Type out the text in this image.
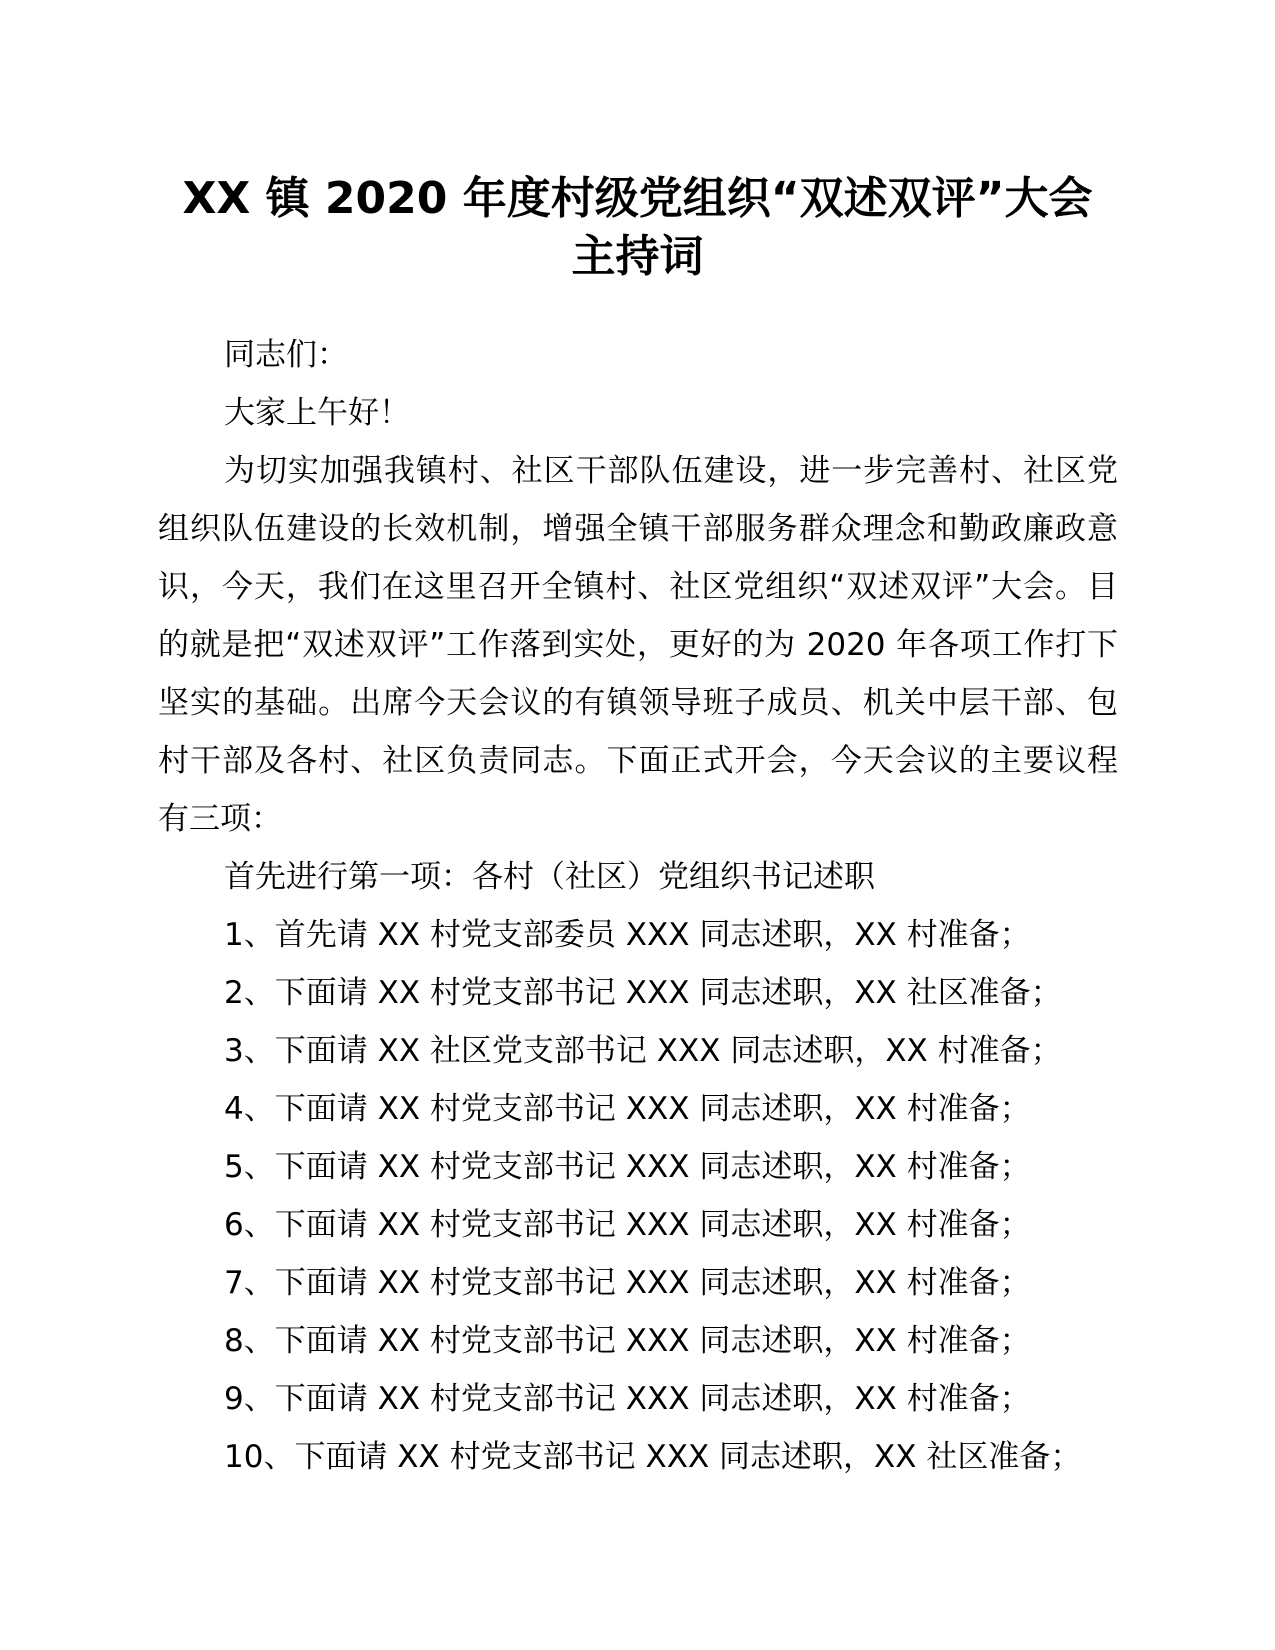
XX 镇 2020 年度村级党组织“双述双评”大会
主持词

同志们：

大家上午好！

为切实加强我镇村、社区干部队伍建设，进一步完善村、社区党组织队伍建设的长效机制，增强全镇干部服务群众理念和勤政廉政意识，今天，我们在这里召开全镇村、社区党组织“双述双评”大会。目的就是把“双述双评”工作落到实处，更好的为 2020 年各项工作打下坚实的基础。出席今天会议的有镇领导班子成员、机关中层干部、包村干部及各村、社区负责同志。下面正式开会，今天会议的主要议程有三项：

首先进行第一项：各村（社区）党组织书记述职

1、首先请 XX 村党支部委员 XXX 同志述职，XX 村准备；

2、下面请 XX 村党支部书记 XXX 同志述职，XX 社区准备；

3、下面请 XX 社区党支部书记 XXX 同志述职，XX 村准备；

4、下面请 XX 村党支部书记 XXX 同志述职，XX 村准备；

5、下面请 XX 村党支部书记 XXX 同志述职，XX 村准备；

6、下面请 XX 村党支部书记 XXX 同志述职，XX 村准备；

7、下面请 XX 村党支部书记 XXX 同志述职，XX 村准备；

8、下面请 XX 村党支部书记 XXX 同志述职，XX 村准备；

9、下面请 XX 村党支部书记 XXX 同志述职，XX 村准备；

10、下面请 XX 村党支部书记 XXX 同志述职，XX 社区准备；
